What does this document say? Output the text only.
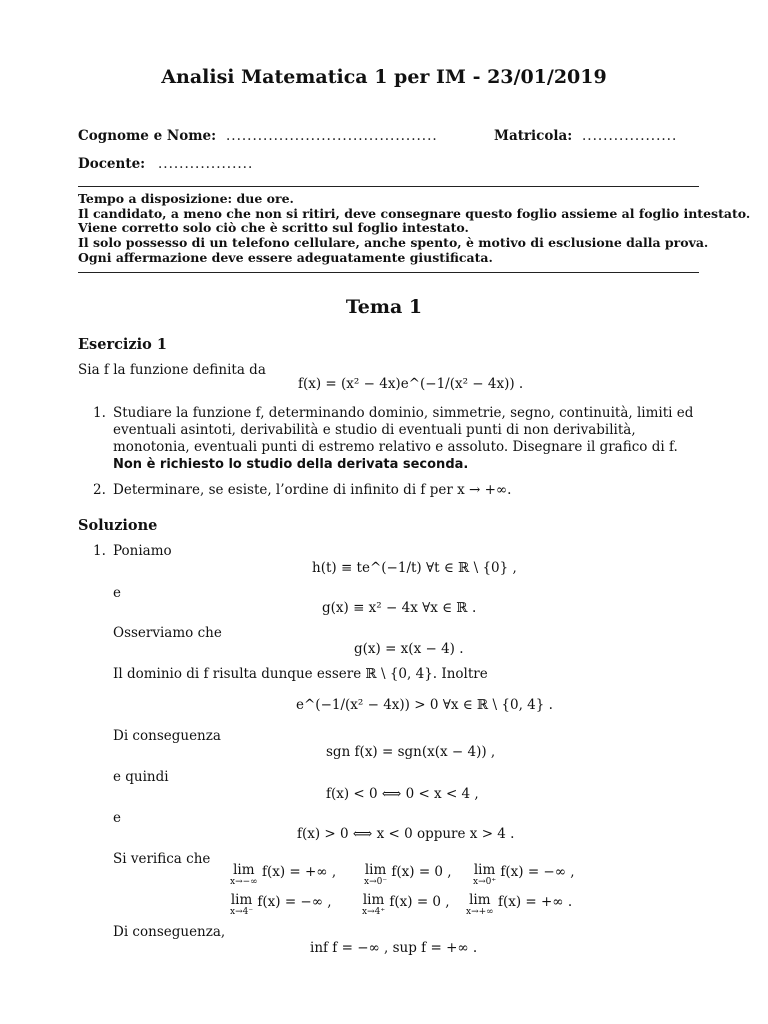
Analisi Matematica 1 per IM - 23/01/2019
Cognome e Nome: ........................................	Matricola: ..................
Docente: ..................
Tempo a disposizione: due ore.
Il candidato, a meno che non si ritiri, deve consegnare questo foglio assieme al foglio intestato.
Viene corretto solo ciò che è scritto sul foglio intestato.
Il solo possesso di un telefono cellulare, anche spento, è motivo di esclusione dalla prova.
Ogni affermazione deve essere adeguatamente giustificata.
Tema 1
Esercizio 1
Sia f la funzione definita da
f(x) = (x² − 4x)e^(−1/(x² − 4x)) .
1. Studiare la funzione f, determinando dominio, simmetrie, segno, continuità, limiti ed eventuali asintoti, derivabilità e studio di eventuali punti di non derivabilità, monotonia, eventuali punti di estremo relativo e assoluto. Disegnare il grafico di f. Non è richiesto lo studio della derivata seconda.
2. Determinare, se esiste, l’ordine di infinito di f per x → +∞.
Soluzione
1. Poniamo
h(t) ≡ te^(−1/t) ∀t ∈ ℝ \ {0} ,
e
g(x) ≡ x² − 4x ∀x ∈ ℝ .
Osserviamo che
g(x) = x(x − 4) .
Il dominio di f risulta dunque essere ℝ \ {0, 4}. Inoltre
e^(−1/(x² − 4x)) > 0 ∀x ∈ ℝ \ {0, 4} .
Di conseguenza
sgn f(x) = sgn(x(x − 4)) ,
e quindi
f(x) < 0 ⟺ 0 < x < 4 ,
e
f(x) > 0 ⟺ x < 0 oppure x > 4 .
Si verifica che
lim
x→−∞
f(x) = +∞ , lim
x→0⁻
f(x) = 0 , lim
x→0⁺
f(x) = −∞ ,
lim
x→4⁻
f(x) = −∞ , lim
x→4⁺
f(x) = 0 , lim
x→+∞
f(x) = +∞ .
Di conseguenza,
inf f = −∞ , sup f = +∞ .
